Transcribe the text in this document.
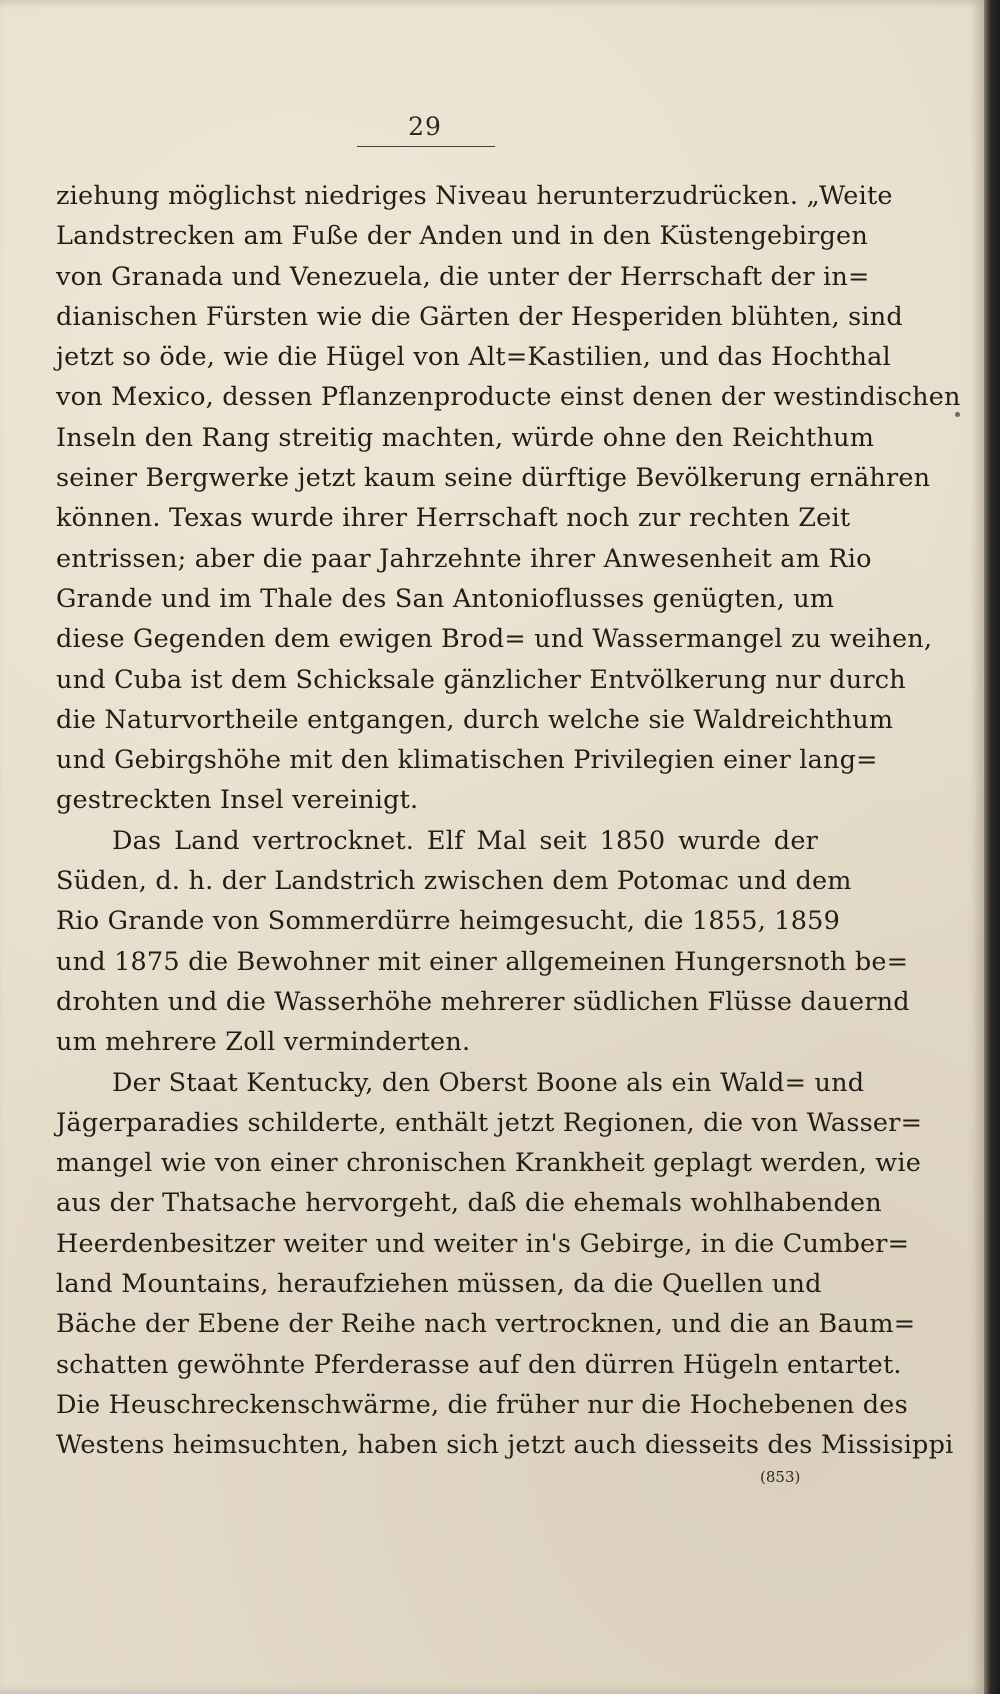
29
ziehung möglichst niedriges Niveau herunterzudrücken. „Weite
Landstrecken am Fuße der Anden und in den Küstengebirgen
von Granada und Venezuela, die unter der Herrschaft der in=
dianischen Fürsten wie die Gärten der Hesperiden blühten, sind
jetzt so öde, wie die Hügel von Alt=Kastilien, und das Hochthal
von Mexico, dessen Pflanzenproducte einst denen der westindischen
Inseln den Rang streitig machten, würde ohne den Reichthum
seiner Bergwerke jetzt kaum seine dürftige Bevölkerung ernähren
können. Texas wurde ihrer Herrschaft noch zur rechten Zeit
entrissen; aber die paar Jahrzehnte ihrer Anwesenheit am Rio
Grande und im Thale des San Antonioflusses genügten, um
diese Gegenden dem ewigen Brod= und Wassermangel zu weihen,
und Cuba ist dem Schicksale gänzlicher Entvölkerung nur durch
die Naturvortheile entgangen, durch welche sie Waldreichthum
und Gebirgshöhe mit den klimatischen Privilegien einer lang=
gestreckten Insel vereinigt.
Das Land vertrocknet. Elf Mal seit 1850 wurde der
Süden, d. h. der Landstrich zwischen dem Potomac und dem
Rio Grande von Sommerdürre heimgesucht, die 1855, 1859
und 1875 die Bewohner mit einer allgemeinen Hungersnoth be=
drohten und die Wasserhöhe mehrerer südlichen Flüsse dauernd
um mehrere Zoll verminderten.
Der Staat Kentucky, den Oberst Boone als ein Wald= und
Jägerparadies schilderte, enthält jetzt Regionen, die von Wasser=
mangel wie von einer chronischen Krankheit geplagt werden, wie
aus der Thatsache hervorgeht, daß die ehemals wohlhabenden
Heerdenbesitzer weiter und weiter in's Gebirge, in die Cumber=
land Mountains, heraufziehen müssen, da die Quellen und
Bäche der Ebene der Reihe nach vertrocknen, und die an Baum=
schatten gewöhnte Pferderasse auf den dürren Hügeln entartet.
Die Heuschreckenschwärme, die früher nur die Hochebenen des
Westens heimsuchten, haben sich jetzt auch diesseits des Missisippi
(853)
